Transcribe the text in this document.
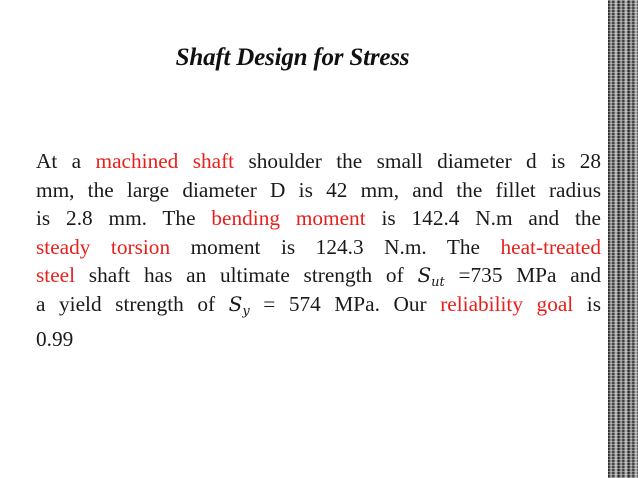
Shaft Design for Stress
At a machined shaft shoulder the small diameter d is 28
mm, the large diameter D is 42 mm, and the fillet radius
is 2.8 mm. The bending moment is 142.4 N.m and the
steady torsion moment is 124.3 N.m. The heat-treated
steel shaft has an ultimate strength of $S_{ut} =735$ MPa and
a yield strength of $S_y = 574$ MPa. Our reliability goal is
0.99
